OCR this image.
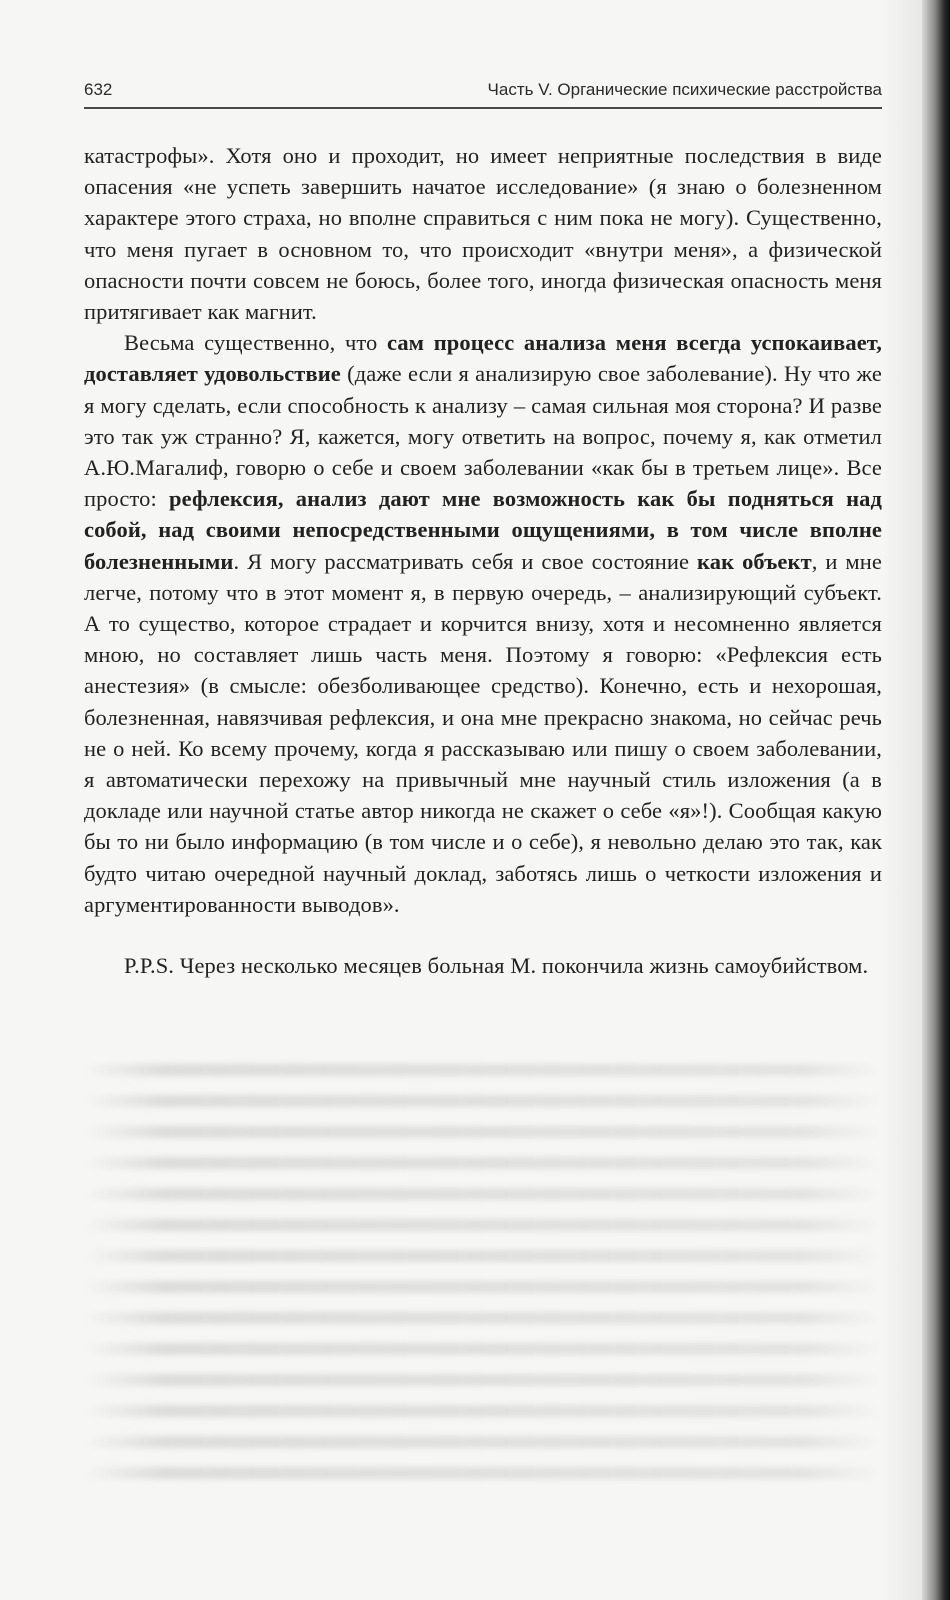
632	Часть V. Органические психические расстройства

катастрофы». Хотя оно и проходит, но имеет неприятные последствия в виде опасения «не успеть завершить начатое исследование» (я знаю о болезненном характере этого страха, но вполне справиться с ним пока не могу). Существенно, что меня пугает в основном то, что происходит «внутри меня», а физической опасности почти совсем не боюсь, более того, иногда физическая опасность меня притягивает как магнит.

Весьма существенно, что сам процесс анализа меня всегда успокаивает, доставляет удовольствие (даже если я анализирую свое заболевание). Ну что же я могу сделать, если способность к анализу – самая сильная моя сторона? И разве это так уж странно? Я, кажется, могу ответить на вопрос, почему я, как отметил А.Ю.Магалиф, говорю о себе и своем заболевании «как бы в третьем лице». Все просто: рефлексия, анализ дают мне возможность как бы подняться над собой, над своими непосредственными ощущениями, в том числе вполне болезненными. Я могу рассматривать себя и свое состояние как объект, и мне легче, потому что в этот момент я, в первую очередь, – анализирующий субъект. А то существо, которое страдает и корчится внизу, хотя и несомненно является мною, но составляет лишь часть меня. Поэтому я говорю: «Рефлексия есть анестезия» (в смысле: обезболивающее средство). Конечно, есть и нехорошая, болезненная, навязчивая рефлексия, и она мне прекрасно знакома, но сейчас речь не о ней. Ко всему прочему, когда я рассказываю или пишу о своем заболевании, я автоматически перехожу на привычный мне научный стиль изложения (а в докладе или научной статье автор никогда не скажет о себе «я»!). Сообщая какую бы то ни было информацию (в том числе и о себе), я невольно делаю это так, как будто читаю очередной научный доклад, заботясь лишь о четкости изложения и аргументированности выводов».

P.P.S. Через несколько месяцев больная М. покончила жизнь самоубийством.
